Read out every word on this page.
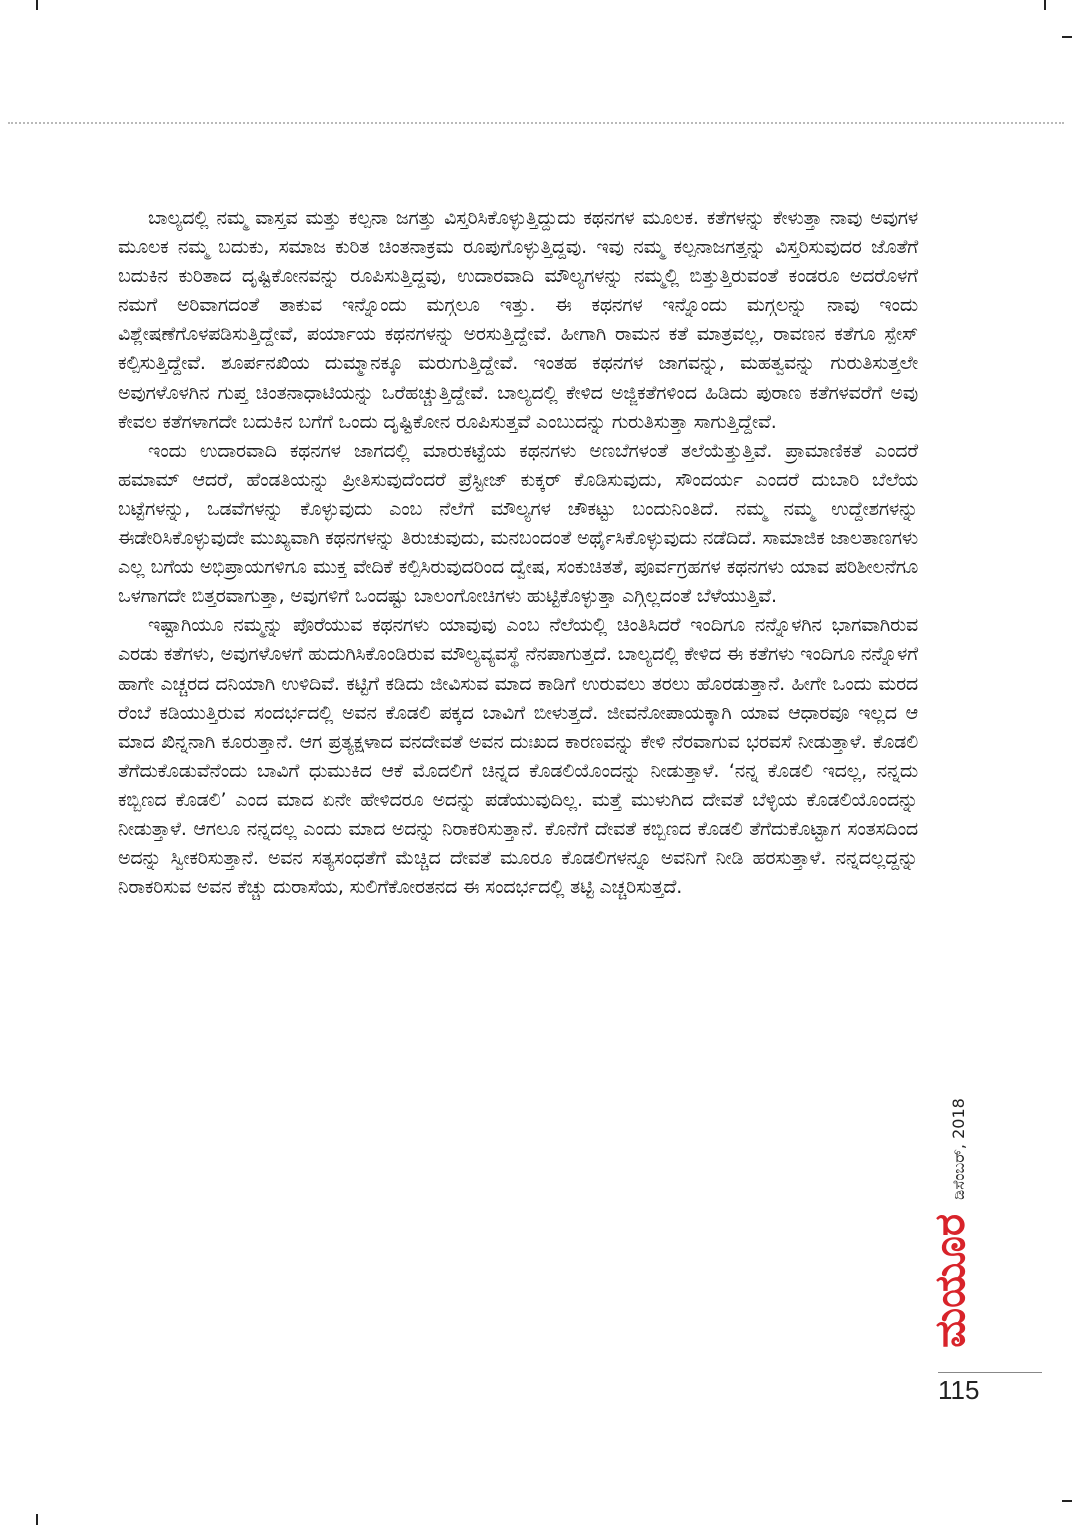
ಬಾಲ್ಯದಲ್ಲಿ ನಮ್ಮ ವಾಸ್ತವ ಮತ್ತು ಕಲ್ಪನಾ ಜಗತ್ತು ವಿಸ್ತರಿಸಿಕೊಳ್ಳುತ್ತಿದ್ದುದು ಕಥನಗಳ ಮೂಲಕ. ಕತೆಗಳನ್ನು ಕೇಳುತ್ತಾ ನಾವು ಅವುಗಳ ಮೂಲಕ ನಮ್ಮ ಬದುಕು, ಸಮಾಜ ಕುರಿತ ಚಿಂತನಾಕ್ರಮ ರೂಪುಗೊಳ್ಳುತ್ತಿದ್ದವು. ಇವು ನಮ್ಮ ಕಲ್ಪನಾಜಗತ್ತನ್ನು ವಿಸ್ತರಿಸುವುದರ ಜೊತೆಗೆ ಬದುಕಿನ ಕುರಿತಾದ ದೃಷ್ಟಿಕೋನವನ್ನು ರೂಪಿಸುತ್ತಿದ್ದವು, ಉದಾರವಾದಿ ಮೌಲ್ಯಗಳನ್ನು ನಮ್ಮಲ್ಲಿ ಬಿತ್ತುತ್ತಿರುವಂತೆ ಕಂಡರೂ ಅದರೊಳಗೆ ನಮಗೆ ಅರಿವಾಗದಂತೆ ತಾಕುವ ಇನ್ನೊಂದು ಮಗ್ಗಲೂ ಇತ್ತು. ಈ ಕಥನಗಳ ಇನ್ನೊಂದು ಮಗ್ಗಲನ್ನು ನಾವು ಇಂದು ವಿಶ್ಲೇಷಣೆಗೊಳಪಡಿಸುತ್ತಿದ್ದೇವೆ, ಪರ್ಯಾಯ ಕಥನಗಳನ್ನು ಅರಸುತ್ತಿದ್ದೇವೆ. ಹೀಗಾಗಿ ರಾಮನ ಕತೆ ಮಾತ್ರವಲ್ಲ, ರಾವಣನ ಕತೆಗೂ ಸ್ಪೇಸ್ ಕಲ್ಪಿಸುತ್ತಿದ್ದೇವೆ. ಶೂರ್ಪನಖಿಯ ದುಮ್ಮಾನಕ್ಕೂ ಮರುಗುತ್ತಿದ್ದೇವೆ. ಇಂತಹ ಕಥನಗಳ ಜಾಗವನ್ನು, ಮಹತ್ವವನ್ನು ಗುರುತಿಸುತ್ತಲೇ ಅವುಗಳೊಳಗಿನ ಗುಪ್ತ ಚಿಂತನಾಧಾಟಿಯನ್ನು ಒರೆಹಚ್ಚುತ್ತಿದ್ದೇವೆ. ಬಾಲ್ಯದಲ್ಲಿ ಕೇಳಿದ ಅಜ್ಜಿಕತೆಗಳಿಂದ ಹಿಡಿದು ಪುರಾಣ ಕತೆಗಳವರೆಗೆ ಅವು ಕೇವಲ ಕತೆಗಳಾಗದೇ ಬದುಕಿನ ಬಗೆಗೆ ಒಂದು ದೃಷ್ಟಿಕೋನ ರೂಪಿಸುತ್ತವೆ ಎಂಬುದನ್ನು ಗುರುತಿಸುತ್ತಾ ಸಾಗುತ್ತಿದ್ದೇವೆ.

ಇಂದು ಉದಾರವಾದಿ ಕಥನಗಳ ಜಾಗದಲ್ಲಿ ಮಾರುಕಟ್ಟೆಯ ಕಥನಗಳು ಅಣಬೆಗಳಂತೆ ತಲೆಯೆತ್ತುತ್ತಿವೆ. ಪ್ರಾಮಾಣಿಕತೆ ಎಂದರೆ ಹಮಾಮ್ ಆದರೆ, ಹೆಂಡತಿಯನ್ನು ಪ್ರೀತಿಸುವುದೆಂದರೆ ಪ್ರೆಸ್ಟೀಜ್ ಕುಕ್ಕರ್ ಕೊಡಿಸುವುದು, ಸೌಂದರ್ಯ ಎಂದರೆ ದುಬಾರಿ ಬೆಲೆಯ ಬಟ್ಟೆಗಳನ್ನು, ಒಡವೆಗಳನ್ನು ಕೊಳ್ಳುವುದು ಎಂಬ ನೆಲೆಗೆ ಮೌಲ್ಯಗಳ ಚೌಕಟ್ಟು ಬಂದುನಿಂತಿದೆ. ನಮ್ಮ ನಮ್ಮ ಉದ್ದೇಶಗಳನ್ನು ಈಡೇರಿಸಿಕೊಳ್ಳುವುದೇ ಮುಖ್ಯವಾಗಿ ಕಥನಗಳನ್ನು ತಿರುಚುವುದು, ಮನಬಂದಂತೆ ಅರ್ಥೈಸಿಕೊಳ್ಳುವುದು ನಡೆದಿದೆ. ಸಾಮಾಜಿಕ ಜಾಲತಾಣಗಳು ಎಲ್ಲ ಬಗೆಯ ಅಭಿಪ್ರಾಯಗಳಿಗೂ ಮುಕ್ತ ವೇದಿಕೆ ಕಲ್ಪಿಸಿರುವುದರಿಂದ ದ್ವೇಷ, ಸಂಕುಚಿತತೆ, ಪೂರ್ವಗ್ರಹಗಳ ಕಥನಗಳು ಯಾವ ಪರಿಶೀಲನೆಗೂ ಒಳಗಾಗದೇ ಬಿತ್ತರವಾಗುತ್ತಾ, ಅವುಗಳಿಗೆ ಒಂದಷ್ಟು ಬಾಲಂಗೋಚಿಗಳು ಹುಟ್ಟಿಕೊಳ್ಳುತ್ತಾ ಎಗ್ಗಿಲ್ಲದಂತೆ ಬೆಳೆಯುತ್ತಿವೆ.

ಇಷ್ಟಾಗಿಯೂ ನಮ್ಮನ್ನು ಪೊರೆಯುವ ಕಥನಗಳು ಯಾವುವು ಎಂಬ ನೆಲೆಯಲ್ಲಿ ಚಿಂತಿಸಿದರೆ ಇಂದಿಗೂ ನನ್ನೊಳಗಿನ ಭಾಗವಾಗಿರುವ ಎರಡು ಕತೆಗಳು, ಅವುಗಳೊಳಗೆ ಹುದುಗಿಸಿಕೊಂಡಿರುವ ಮೌಲ್ಯವ್ಯವಸ್ಥೆ ನೆನಪಾಗುತ್ತದೆ. ಬಾಲ್ಯದಲ್ಲಿ ಕೇಳಿದ ಈ ಕತೆಗಳು ಇಂದಿಗೂ ನನ್ನೊಳಗೆ ಹಾಗೇ ಎಚ್ಚರದ ದನಿಯಾಗಿ ಉಳಿದಿವೆ. ಕಟ್ಟಿಗೆ ಕಡಿದು ಜೀವಿಸುವ ಮಾದ ಕಾಡಿಗೆ ಉರುವಲು ತರಲು ಹೊರಡುತ್ತಾನೆ. ಹೀಗೇ ಒಂದು ಮರದ ರೆಂಬೆ ಕಡಿಯುತ್ತಿರುವ ಸಂದರ್ಭದಲ್ಲಿ ಅವನ ಕೊಡಲಿ ಪಕ್ಕದ ಬಾವಿಗೆ ಬೀಳುತ್ತದೆ. ಜೀವನೋಪಾಯಕ್ಕಾಗಿ ಯಾವ ಆಧಾರವೂ ಇಲ್ಲದ ಆ ಮಾದ ಖಿನ್ನನಾಗಿ ಕೂರುತ್ತಾನೆ. ಆಗ ಪ್ರತ್ಯಕ್ಷಳಾದ ವನದೇವತೆ ಅವನ ದುಃಖದ ಕಾರಣವನ್ನು ಕೇಳಿ ನೆರವಾಗುವ ಭರವಸೆ ನೀಡುತ್ತಾಳೆ. ಕೊಡಲಿ ತೆಗೆದುಕೊಡುವೆನೆಂದು ಬಾವಿಗೆ ಧುಮುಕಿದ ಆಕೆ ಮೊದಲಿಗೆ ಚಿನ್ನದ ಕೊಡಲಿಯೊಂದನ್ನು ನೀಡುತ್ತಾಳೆ. ‘ನನ್ನ ಕೊಡಲಿ ಇದಲ್ಲ, ನನ್ನದು ಕಬ್ಬಿಣದ ಕೊಡಲಿ’ ಎಂದ ಮಾದ ಏನೇ ಹೇಳಿದರೂ ಅದನ್ನು ಪಡೆಯುವುದಿಲ್ಲ. ಮತ್ತೆ ಮುಳುಗಿದ ದೇವತೆ ಬೆಳ್ಳಿಯ ಕೊಡಲಿಯೊಂದನ್ನು ನೀಡುತ್ತಾಳೆ. ಆಗಲೂ ನನ್ನದಲ್ಲ ಎಂದು ಮಾದ ಅದನ್ನು ನಿರಾಕರಿಸುತ್ತಾನೆ. ಕೊನೆಗೆ ದೇವತೆ ಕಬ್ಬಿಣದ ಕೊಡಲಿ ತೆಗೆದುಕೊಟ್ಟಾಗ ಸಂತಸದಿಂದ ಅದನ್ನು ಸ್ವೀಕರಿಸುತ್ತಾನೆ. ಅವನ ಸತ್ಯಸಂಧತೆಗೆ ಮೆಚ್ಚಿದ ದೇವತೆ ಮೂರೂ ಕೊಡಲಿಗಳನ್ನೂ ಅವನಿಗೆ ನೀಡಿ ಹರಸುತ್ತಾಳೆ. ನನ್ನದಲ್ಲದ್ದನ್ನು ನಿರಾಕರಿಸುವ ಅವನ ಕೆಚ್ಚು ದುರಾಸೆಯ, ಸುಲಿಗೆಕೋರತನದ ಈ ಸಂದರ್ಭದಲ್ಲಿ ತಟ್ಟಿ ಎಚ್ಚರಿಸುತ್ತದೆ.

ಮಯೂರ
ಡಿಸೆಂಬರ್, 2018
115
